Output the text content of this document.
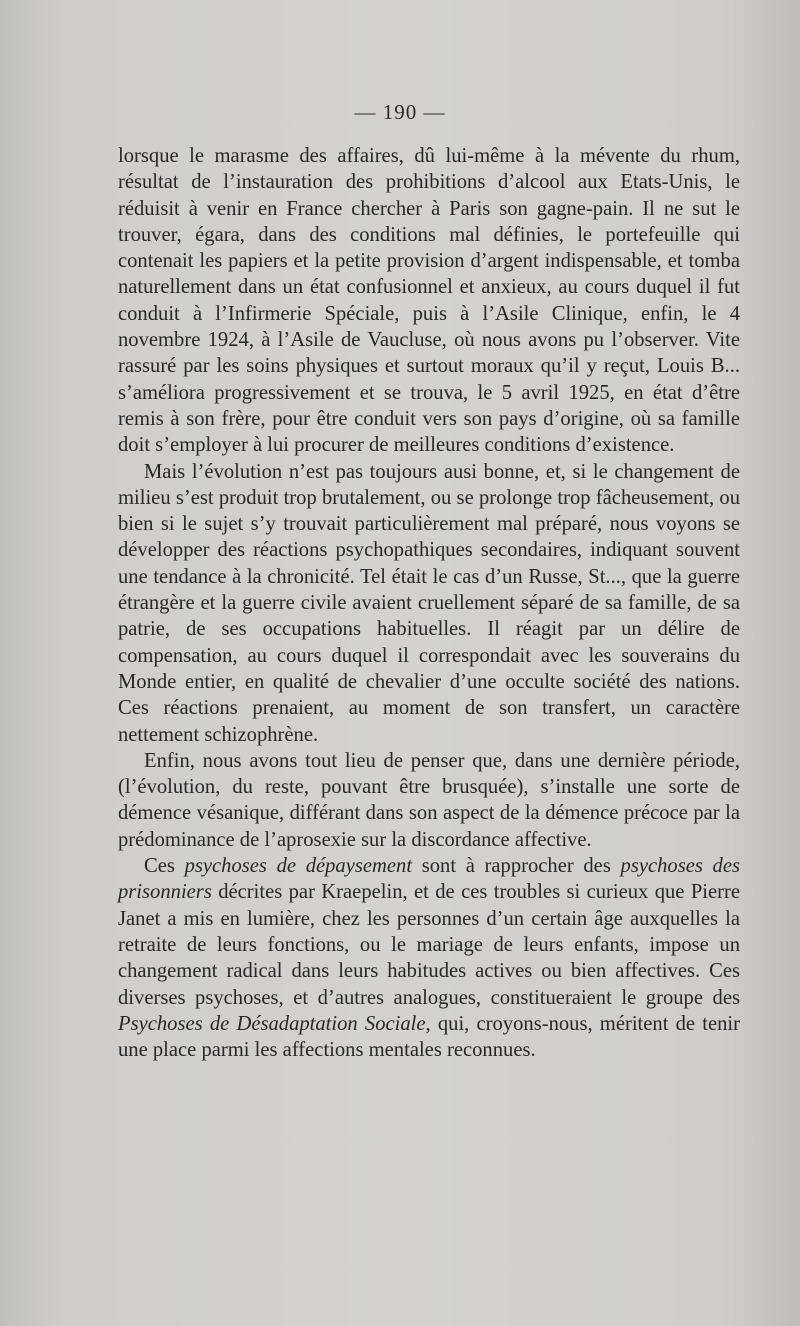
— 190 —

lorsque le marasme des affaires, dû lui-même à la mévente du rhum, résultat de l’instauration des prohibitions d’alcool aux Etats-Unis, le réduisit à venir en France chercher à Paris son gagne-pain. Il ne sut le trouver, égara, dans des conditions mal définies, le portefeuille qui contenait les papiers et la petite provision d’argent indispensable, et tomba naturellement dans un état confusionnel et anxieux, au cours duquel il fut conduit à l’Infirmerie Spéciale, puis à l’Asile Clinique, enfin, le 4 novembre 1924, à l’Asile de Vaucluse, où nous avons pu l’observer. Vite rassuré par les soins physiques et surtout moraux qu’il y reçut, Louis B... s’améliora progressivement et se trouva, le 5 avril 1925, en état d’être remis à son frère, pour être conduit vers son pays d’origine, où sa famille doit s’employer à lui procurer de meilleures conditions d’existence.

Mais l’évolution n’est pas toujours ausi bonne, et, si le changement de milieu s’est produit trop brutalement, ou se prolonge trop fâcheusement, ou bien si le sujet s’y trouvait particulièrement mal préparé, nous voyons se développer des réactions psychopathiques secondaires, indiquant souvent une tendance à la chronicité. Tel était le cas d’un Russe, St..., que la guerre étrangère et la guerre civile avaient cruellement séparé de sa famille, de sa patrie, de ses occupations habituelles. Il réagit par un délire de compensation, au cours duquel il correspondait avec les souverains du Monde entier, en qualité de chevalier d’une occulte société des nations. Ces réactions prenaient, au moment de son transfert, un caractère nettement schizophrène.

Enfin, nous avons tout lieu de penser que, dans une dernière période, (l’évolution, du reste, pouvant être brusquée), s’installe une sorte de démence vésanique, différant dans son aspect de la démence précoce par la prédominance de l’aprosexie sur la discordance affective.

Ces psychoses de dépaysement sont à rapprocher des psychoses des prisonniers décrites par Kraepelin, et de ces troubles si curieux que Pierre Janet a mis en lumière, chez les personnes d’un certain âge auxquelles la retraite de leurs fonctions, ou le mariage de leurs enfants, impose un changement radical dans leurs habitudes actives ou bien affectives. Ces diverses psychoses, et d’autres analogues, constitueraient le groupe des Psychoses de Désadaptation Sociale, qui, croyons-nous, méritent de tenir une place parmi les affections mentales reconnues.
